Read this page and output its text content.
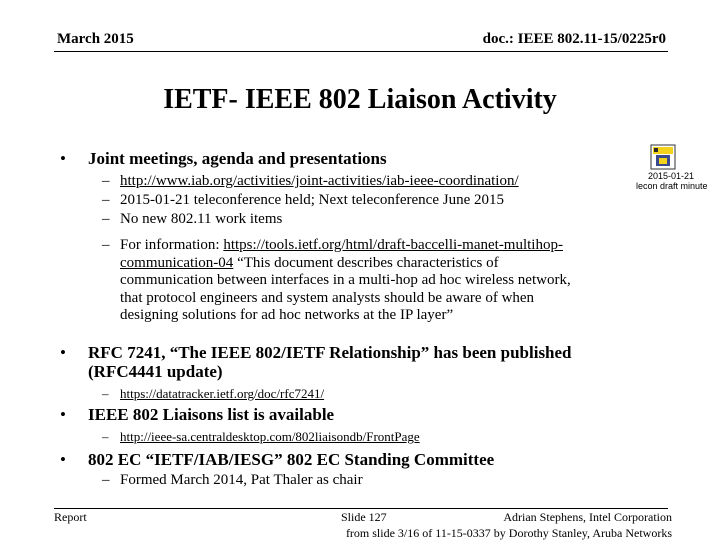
March 2015	doc.: IEEE 802.11-15/0225r0
IETF- IEEE 802 Liaison Activity
• Joint meetings, agenda and presentations
– http://www.iab.org/activities/joint-activities/iab-ieee-coordination/
– 2015-01-21 teleconference held; Next teleconference June 2015
– No new 802.11 work items
– For information: https://tools.ietf.org/html/draft-baccelli-manet-multihop-
communication-04 “This document describes characteristics of
communication between interfaces in a multi-hop ad hoc wireless network,
that protocol engineers and system analysts should be aware of when
designing solutions for ad hoc networks at the IP layer”
2015-01-21
lecon draft minute
• RFC 7241, “The IEEE 802/IETF Relationship” has been published
(RFC4441 update)
– https://datatracker.ietf.org/doc/rfc7241/
• IEEE 802 Liaisons list is available
– http://ieee-sa.centraldesktop.com/802liaisondb/FrontPage
• 802 EC “IETF/IAB/IESG” 802 EC Standing Committee
– Formed March 2014, Pat Thaler as chair
Report	Slide 127	Adrian Stephens, Intel Corporation
from slide 3/16 of 11-15-0337 by Dorothy Stanley, Aruba Networks
